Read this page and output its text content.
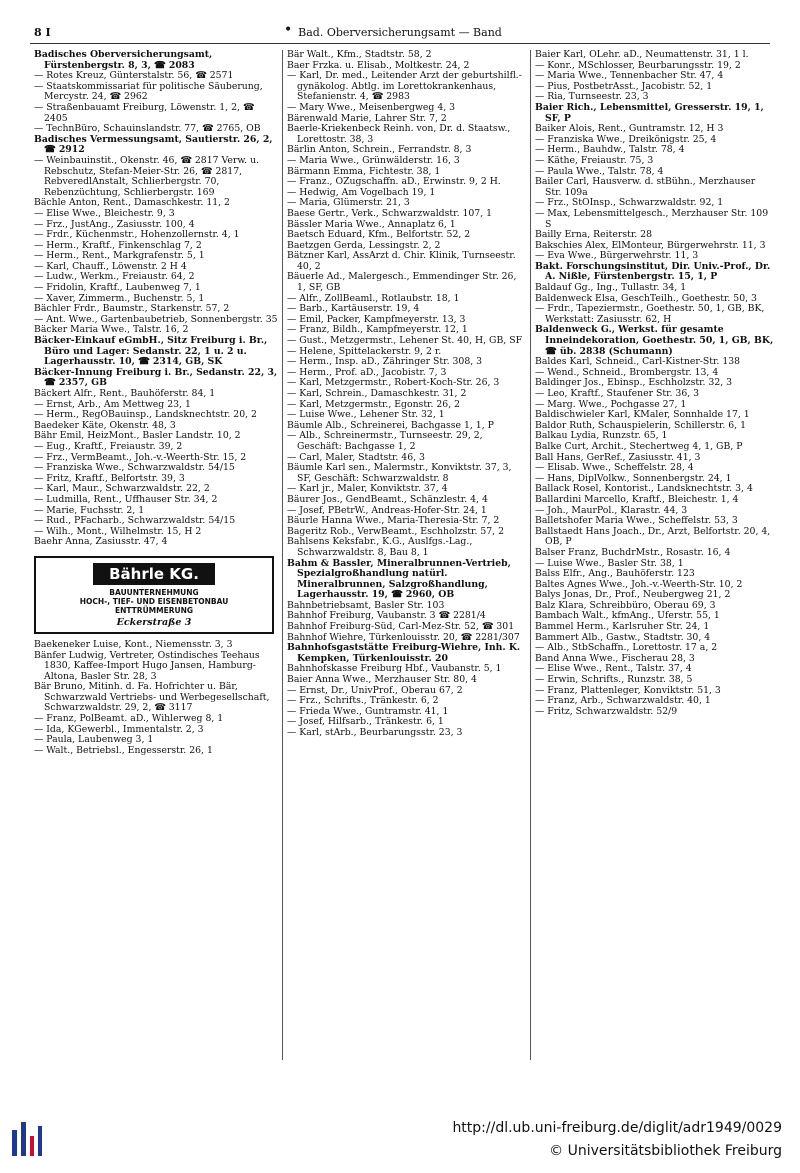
8 I	• Bad. Oberversicherungsamt — Band

Badisches Oberversicherungsamt, Fürstenbergstr. 8, 3, ☎ 2083

— Rotes Kreuz, Günterstalstr. 56, ☎ 2571

— Staatskommissariat für politische Säuberung, Mercystr. 24, ☎ 2962

— Straßenbauamt Freiburg, Löwenstr. 1, 2, ☎ 2405

— TechnBüro, Schauinslandstr. 77, ☎ 2765, OB

Badisches Vermessungsamt, Sautierstr. 26, 2, ☎ 2912

— Weinbauinstit., Okenstr. 46, ☎ 2817 Verw. u. Rebschutz, Stefan-Meier-Str. 26, ☎ 2817, RebveredlAnstalt, Schlierbergstr. 70, Rebenzüchtung, Schlierbergstr. 169

Bächle Anton, Rent., Damaschkestr. 11, 2

— Elise Wwe., Bleichestr. 9, 3

— Frz., JustAng., Zasiusstr. 100, 4

— Frdr., Küchenmstr., Hohenzollernstr. 4, 1

— Herm., Kraftf., Finkenschlag 7, 2

— Herm., Rent., Markgrafenstr. 5, 1

— Karl, Chauff., Löwenstr. 2 H 4

— Ludw., Werkm., Freiaustr. 64, 2

— Fridolin, Kraftf., Laubenweg 7, 1

— Xaver, Zimmerm., Buchenstr. 5, 1

Bächler Frdr., Baumstr., Starkenstr. 57, 2

— Ant. Wwe., Gartenbaubetrieb, Sonnenbergstr. 35

Bäcker Maria Wwe., Talstr. 16, 2

Bäcker-Einkauf eGmbH., Sitz Freiburg i. Br., Büro und Lager: Sedanstr. 22, 1 u. 2 u. Lagerhausstr. 10, ☎ 2314, GB, SK

Bäcker-Innung Freiburg i. Br., Sedanstr. 22, 3, ☎ 2357, GB

Bäckert Alfr., Rent., Bauhöferstr. 84, 1

— Ernst, Arb., Am Mettweg 23, 1

— Herm., RegOBauinsp., Landsknechtstr. 20, 2

Baedeker Käte, Okenstr. 48, 3

Bähr Emil, HeizMont., Basler Landstr. 10, 2

— Eug., Kraftf., Freiaustr. 39, 2

— Frz., VermBeamt., Joh.-v.-Weerth-Str. 15, 2

— Franziska Wwe., Schwarzwaldstr. 54/15

— Fritz, Kraftf., Belfortstr. 39, 3

— Karl, Maur., Schwarzwaldstr. 22, 2

— Ludmilla, Rent., Uffhauser Str. 34, 2

— Marie, Fuchsstr. 2, 1

— Rud., PFacharb., Schwarzwaldstr. 54/15

— Wilh., Mont., Wilhelmstr. 15, H 2

Baehr Anna, Zasiusstr. 47, 4

Bährle KG.
BAUUNTERNEHMUNG
HOCH-, TIEF- UND EISENBETONBAU
ENTTRÜMMERUNG
Eckerstraße 3

Baekeneker Luise, Kont., Niemensstr. 3, 3

Bänfer Ludwig, Vertreter, Ostindisches Teehaus 1830, Kaffee-Import Hugo Jansen, Hamburg-Altona, Basler Str. 28, 3

Bär Bruno, Mitinh. d. Fa. Hofrichter u. Bär, Schwarzwald Vertriebs- und Werbegesellschaft, Schwarzwaldstr. 29, 2, ☎ 3117

— Franz, PolBeamt. aD., Wihlerweg 8, 1

— Ida, KGewerbl., Immentalstr. 2, 3

— Paula, Laubenweg 3, 1

— Walt., Betriebsl., Engesserstr. 26, 1

Bär Walt., Kfm., Stadtstr. 58, 2

Baer Frzka. u. Elisab., Moltkestr. 24, 2

— Karl, Dr. med., Leitender Arzt der geburtshilfl.-gynäkolog. Abtlg. im Lorettokrankenhaus, Stefanienstr. 4, ☎ 2983

— Mary Wwe., Meisenbergweg 4, 3

Bärenwald Marie, Lahrer Str. 7, 2

Baerle-Kriekenbeck Reinh. von, Dr. d. Staatsw., Lorettostr. 38, 3

Bärlin Anton, Schrein., Ferrandstr. 8, 3

— Maria Wwe., Grünwälderstr. 16, 3

Bärmann Emma, Fichtestr. 38, 1

— Franz., OZugschaffn. aD., Erwinstr. 9, 2 H.

— Hedwig, Am Vogelbach 19, 1

— Maria, Glümerstr. 21, 3

Baese Gertr., Verk., Schwarzwaldstr. 107, 1

Bässler Maria Wwe., Annaplatz 6, 1

Baetsch Eduard, Kfm., Belfortstr. 52, 2

Baetzgen Gerda, Lessingstr. 2, 2

Bätzner Karl, AssArzt d. Chir. Klinik, Turnseestr. 40, 2

Bäuerle Ad., Malergesch., Emmendinger Str. 26, 1, SF, GB

— Alfr., ZollBeaml., Rotlaubstr. 18, 1

— Barb., Kartäuserstr. 19, 4

— Emil, Packer, Kampfmeyerstr. 13, 3

— Franz, Bildh., Kampfmeyerstr. 12, 1

— Gust., Metzgermstr., Lehener St. 40, H, GB, SF

— Helene, Spittelackerstr. 9, 2 r.

— Herm., Insp. aD., Zähringer Str. 308, 3

— Herm., Prof. aD., Jacobistr. 7, 3

— Karl, Metzgermstr., Robert-Koch-Str. 26, 3

— Karl, Schrein., Damaschkestr. 31, 2

— Karl, Metzgermstr., Egonstr. 26, 2

— Luise Wwe., Lehener Str. 32, 1

Bäumle Alb., Schreinerei, Bachgasse 1, 1, P

— Alb., Schreinermstr., Turnseestr. 29, 2, Geschäft: Bachgasse 1, 2

— Carl, Maler, Stadtstr. 46, 3

Bäumle Karl sen., Malermstr., Konviktstr. 37, 3, SF, Geschäft: Schwarzwaldstr. 8

— Karl jr., Maler, Konviktstr. 37, 4

Bäurer Jos., GendBeamt., Schänzlestr. 4, 4

— Josef, PBetrW., Andreas-Hofer-Str. 24, 1

Bäurle Hanna Wwe., Maria-Theresia-Str. 7, 2

Bageritz Rob., VerwBeamt., Eschholzstr. 57, 2

Bahlsens Keksfabr., K.G., Auslfgs.-Lag., Schwarzwaldstr. 8, Bau 8, 1

Bahm & Bassler, Mineralbrunnen-Vertrieb, Spezialgroßhandlung natürl. Mineralbrunnen, Salzgroßhandlung, Lagerhausstr. 19, ☎ 2960, OB

Bahnbetriebsamt, Basler Str. 103

Bahnhof Freiburg, Vaubanstr. 3 ☎ 2281/4

Bahnhof Freiburg-Süd, Carl-Mez-Str. 52, ☎ 301

Bahnhof Wiehre, Türkenlouisstr. 20, ☎ 2281/307

Bahnhofsgaststätte Freiburg-Wiehre, Inh. K. Kempken, Türkenlouisstr. 20

Bahnhofskasse Freiburg Hbf., Vaubanstr. 5, 1

Baier Anna Wwe., Merzhauser Str. 80, 4

— Ernst, Dr., UnivProf., Oberau 67, 2

— Frz., Schrifts., Tränkestr. 6, 2

— Frieda Wwe., Guntramstr. 41, 1

— Josef, Hilfsarb., Tränkestr. 6, 1

— Karl, stArb., Beurbarungsstr. 23, 3

Baier Karl, OLehr. aD., Neumattenstr. 31, 1 l.

— Konr., MSchlosser, Beurbarungsstr. 19, 2

— Maria Wwe., Tennenbacher Str. 47, 4

— Pius, PostbetrAsst., Jacobistr. 52, 1

— Ria, Turnseestr. 23, 3

Baier Rich., Lebensmittel, Gresserstr. 19, 1, SF, P

Baiker Alois, Rent., Guntramstr. 12, H 3

— Franziska Wwe., Dreikönigstr. 25, 4

— Herm., Bauhdw., Talstr. 78, 4

— Käthe, Freiaustr. 75, 3

— Paula Wwe., Talstr. 78, 4

Bailer Carl, Hausverw. d. stBühn., Merzhauser Str. 109a

— Frz., StOInsp., Schwarzwaldstr. 92, 1

— Max, Lebensmittelgesch., Merzhauser Str. 109 S

Bailly Erna, Reiterstr. 28

Bakschies Alex, ElMonteur, Bürgerwehrstr. 11, 3

— Eva Wwe., Bürgerwehrstr. 11, 3

Bakt. Forschungsinstitut, Dir. Univ.-Prof., Dr. A. Nißle, Fürstenbergstr. 15, 1, P

Baldauf Gg., Ing., Tullastr. 34, 1

Baldenweck Elsa, GeschTeilh., Goethestr. 50, 3

— Frdr., Tapeziermstr., Goethestr. 50, 1, GB, BK, Werkstatt: Zasiusstr. 62, H

Baldenweck G., Werkst. für gesamte Inneindekoration, Goethestr. 50, 1, GB, BK, ☎ üb. 2838 (Schumann)

Baldes Karl, Schneid., Carl-Kistner-Str. 138

— Wend., Schneid., Brombergstr. 13, 4

Baldinger Jos., Ebinsp., Eschholzstr. 32, 3

— Leo, Kraftf., Staufener Str. 36, 3

— Marg. Wwe., Pochgasse 27, 1

Baldischwieler Karl, KMaler, Sonnhalde 17, 1

Baldor Ruth, Schauspielerin, Schillerstr. 6, 1

Balkau Lydia, Runzstr. 65, 1

Balke Curt, Archit., Stechertweg 4, 1, GB, P

Ball Hans, GerRef., Zasiusstr. 41, 3

— Elisab. Wwe., Scheffelstr. 28, 4

— Hans, DiplVolkw., Sonnenbergstr. 24, 1

Ballack Rosel, Kontorist., Landsknechtstr. 3, 4

Ballardini Marcello, Kraftf., Bleichestr. 1, 4

— Joh., MaurPol., Klarastr. 44, 3

Balletshofer Maria Wwe., Scheffelstr. 53, 3

Ballstaedt Hans Joach., Dr., Arzt, Belfortstr. 20, 4, OB, P

Balser Franz, BuchdrMstr., Rosastr. 16, 4

— Luise Wwe., Basler Str. 38, 1

Balss Elfr., Ang., Bauhöferstr. 123

Baltes Agnes Wwe., Joh.-v.-Weerth-Str. 10, 2

Balys Jonas, Dr., Prof., Neubergweg 21, 2

Balz Klara, Schreibbüro, Oberau 69, 3

Bambach Walt., kfmAng., Uferstr. 55, 1

Bammel Herm., Karlsruher Str. 24, 1

Bammert Alb., Gastw., Stadtstr. 30, 4

— Alb., StbSchaffn., Lorettostr. 17 a, 2

Band Anna Wwe., Fischerau 28, 3

— Elise Wwe., Rent., Talstr. 37, 4

— Erwin, Schrifts., Runzstr. 38, 5

— Franz, Plattenleger, Konviktstr. 51, 3

— Franz, Arb., Schwarzwaldstr. 40, 1

— Fritz, Schwarzwaldstr. 52/9

http://dl.ub.uni-freiburg.de/diglit/adr1949/0029
© Universitätsbibliothek Freiburg
